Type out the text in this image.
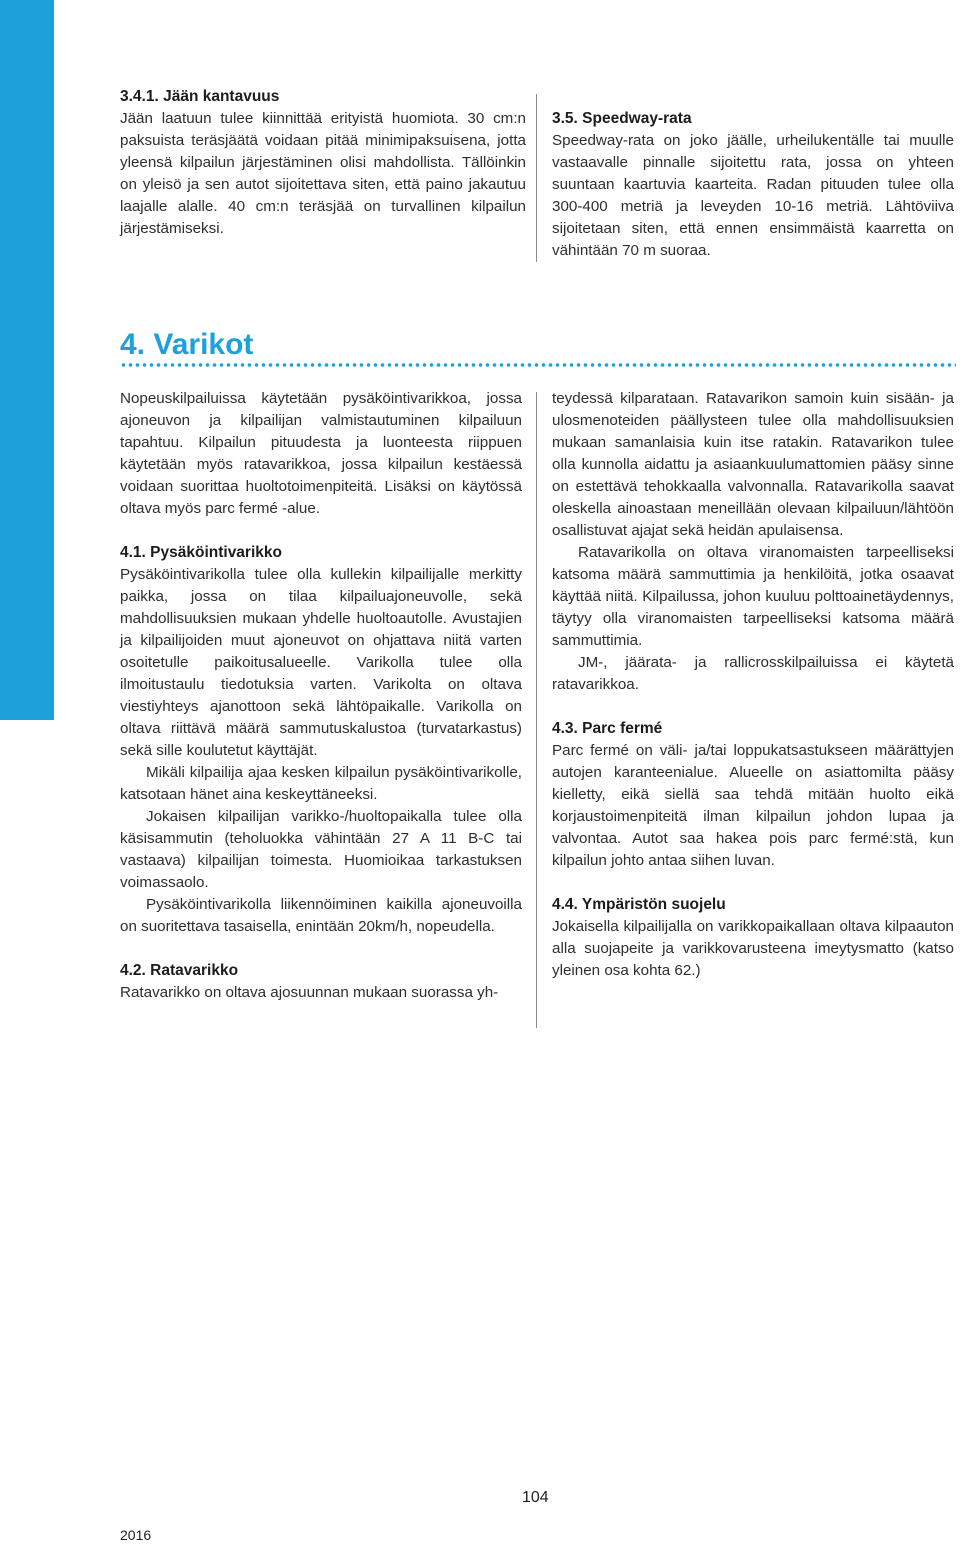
3.4.1. Jään kantavuus

Jään laatuun tulee kiinnittää erityistä huomiota. 30 cm:n paksuista teräsjäätä voidaan pitää minimipaksuisena, jotta yleensä kilpailun järjestäminen olisi mahdollista. Tällöinkin on yleisö ja sen autot sijoitettava siten, että paino jakautuu laajalle alalle. 40 cm:n teräsjää on turvallinen kilpailun järjestämiseksi.

3.5. Speedway-rata

Speedway-rata on joko jäälle, urheilukentälle tai muulle vastaavalle pinnalle sijoitettu rata, jossa on yhteen suuntaan kaartuvia kaarteita. Radan pituuden tulee olla 300-400 metriä ja leveyden 10-16 metriä. Lähtöviiva sijoitetaan siten, että ennen ensimmäistä kaarretta on vähintään 70 m suoraa.

4. Varikot

Nopeuskilpailuissa käytetään pysäköintivarikkoa, jossa ajoneuvon ja kilpailijan valmistautuminen kilpailuun tapahtuu. Kilpailun pituudesta ja luonteesta riippuen käytetään myös ratavarikkoa, jossa kilpailun kestäessä voidaan suorittaa huoltotoimenpiteitä. Lisäksi on käytössä oltava myös parc fermé -alue.

4.1. Pysäköintivarikko

Pysäköintivarikolla tulee olla kullekin kilpailijalle merkitty paikka, jossa on tilaa kilpailuajoneuvolle, sekä mahdollisuuksien mukaan yhdelle huoltoautolle. Avustajien ja kilpailijoiden muut ajoneuvot on ohjattava niitä varten osoitetulle paikoitusalueelle. Varikolla tulee olla ilmoitustaulu tiedotuksia varten. Varikolta on oltava viestiyhteys ajanottoon sekä lähtöpaikalle. Varikolla on oltava riittävä määrä sammutuskalustoa (turvatarkastus) sekä sille koulutetut käyttäjät.

Mikäli kilpailija ajaa kesken kilpailun pysäköintivarikolle, katsotaan hänet aina keskeyttäneeksi.

Jokaisen kilpailijan varikko-/huoltopaikalla tulee olla käsisammutin (teholuokka vähintään 27 A 11 B-C tai vastaava) kilpailijan toimesta. Huomioikaa tarkastuksen voimassaolo.

Pysäköintivarikolla liikennöiminen kaikilla ajoneuvoilla on suoritettava tasaisella, enintään 20km/h, nopeudella.

4.2. Ratavarikko

Ratavarikko on oltava ajosuunnan mukaan suorassa yh-

teydessä kilparataan. Ratavarikon samoin kuin sisään- ja ulosmenoteiden päällysteen tulee olla mahdollisuuksien mukaan samanlaisia kuin itse ratakin. Ratavarikon tulee olla kunnolla aidattu ja asiaankuulumattomien pääsy sinne on estettävä tehokkaalla valvonnalla. Ratavarikolla saavat oleskella ainoastaan meneillään olevaan kilpailuun/lähtöön osallistuvat ajajat sekä heidän apulaisensa.

Ratavarikolla on oltava viranomaisten tarpeelliseksi katsoma määrä sammuttimia ja henkilöitä, jotka osaavat käyttää niitä. Kilpailussa, johon kuuluu polttoainetäydennys, täytyy olla viranomaisten tarpeelliseksi katsoma määrä sammuttimia.

JM-, jäärata- ja rallicrosskilpailuissa ei käytetä ratavarikkoa.

4.3. Parc fermé

Parc fermé on väli- ja/tai loppukatsastukseen määrättyjen autojen karanteenialue. Alueelle on asiattomilta pääsy kielletty, eikä siellä saa tehdä mitään huolto eikä korjaustoimenpiteitä ilman kilpailun johdon lupaa ja valvontaa. Autot saa hakea pois parc fermé:stä, kun kilpailun johto antaa siihen luvan.

4.4. Ympäristön suojelu

Jokaisella kilpailijalla on varikkopaikallaan oltava kilpaauton alla suojapeite ja varikkovarusteena imeytysmatto (katso yleinen osa kohta 62.)

104
2016
